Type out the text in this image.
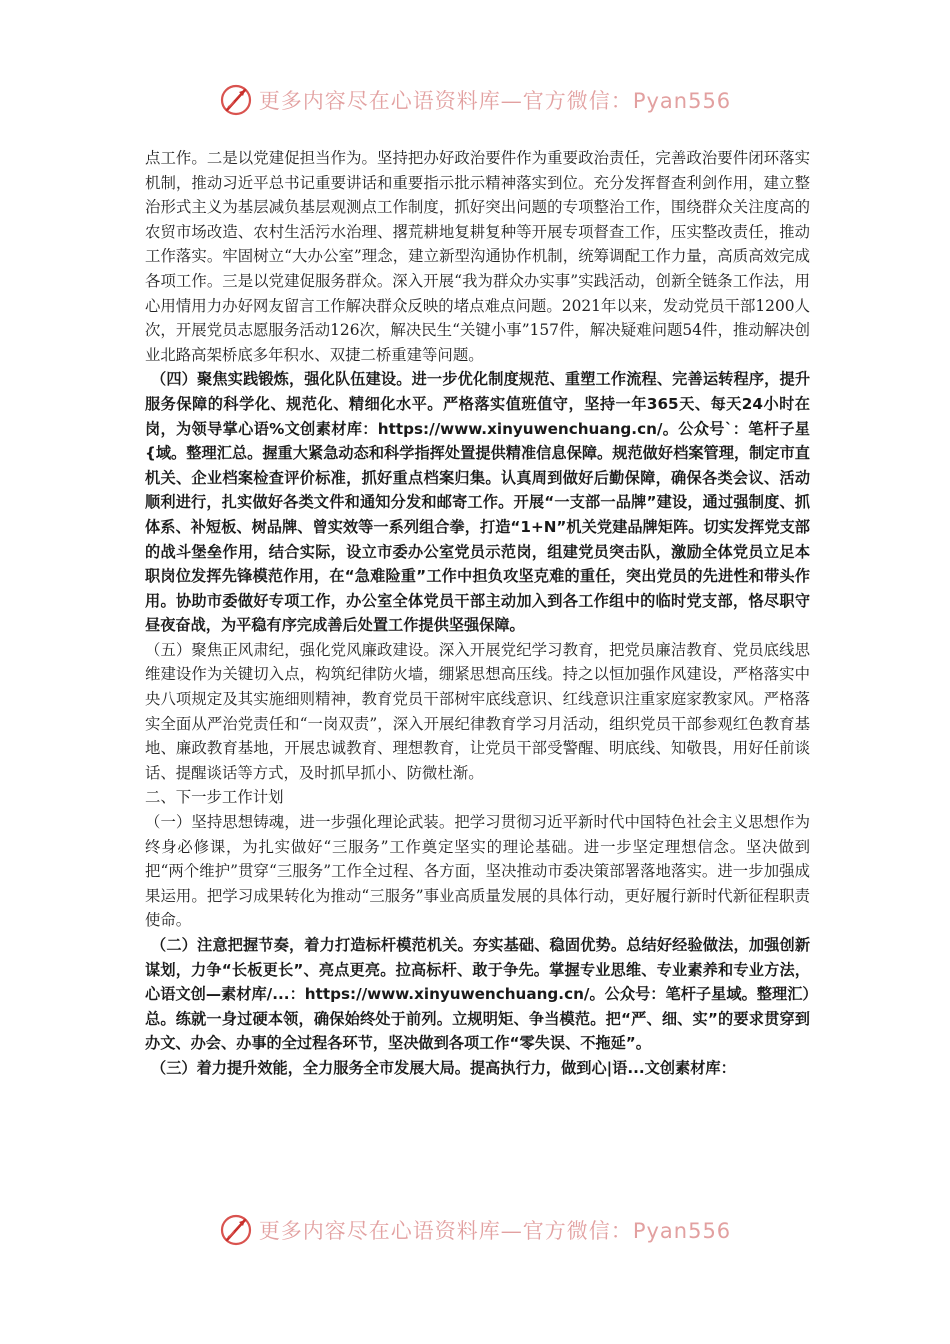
更多内容尽在心语资料库—官方微信：Pyan556

点工作。二是以党建促担当作为。坚持把办好政治要件作为重要政治责任，完善政治要件闭环落实机制，推动习近平总书记重要讲话和重要指示批示精神落实到位。充分发挥督查利剑作用，建立整治形式主义为基层减负基层观测点工作制度，抓好突出问题的专项整治工作，围绕群众关注度高的农贸市场改造、农村生活污水治理、撂荒耕地复耕复种等开展专项督查工作，压实整改责任，推动工作落实。牢固树立“大办公室”理念，建立新型沟通协作机制，统筹调配工作力量，高质高效完成各项工作。三是以党建促服务群众。深入开展“我为群众办实事”实践活动，创新全链条工作法，用心用情用力办好网友留言工作解决群众反映的堵点难点问题。2021年以来，发动党员干部1200人次，开展党员志愿服务活动126次，解决民生“关键小事”157件，解决疑难问题54件，推动解决创业北路高架桥底多年积水、双捷二桥重建等问题。

（四）聚焦实践锻炼，强化队伍建设。进一步优化制度规范、重塑工作流程、完善运转程序，提升服务保障的科学化、规范化、精细化水平。严格落实值班值守，坚持一年365天、每天24小时在岗，为领导掌心语%文创素材库：https://www.xinyuwenchuang.cn/。公众号`：笔杆子星{域。整理汇总。握重大紧急动态和科学指挥处置提供精准信息保障。规范做好档案管理，制定市直机关、企业档案检查评价标准，抓好重点档案归集。认真周到做好后勤保障，确保各类会议、活动顺利进行，扎实做好各类文件和通知分发和邮寄工作。开展“一支部一品牌”建设，通过强制度、抓体系、补短板、树品牌、曾实效等一系列组合拳，打造“1+N”机关党建品牌矩阵。切实发挥党支部的战斗堡垒作用，结合实际，设立市委办公室党员示范岗，组建党员突击队，激励全体党员立足本职岗位发挥先锋模范作用，在“急难险重”工作中担负攻坚克难的重任，突出党员的先进性和带头作用。协助市委做好专项工作，办公室全体党员干部主动加入到各工作组中的临时党支部，恪尽职守昼夜奋战，为平稳有序完成善后处置工作提供坚强保障。

（五）聚焦正风肃纪，强化党风廉政建设。深入开展党纪学习教育，把党员廉洁教育、党员底线思维建设作为关键切入点，构筑纪律防火墙，绷紧思想高压线。持之以恒加强作风建设，严格落实中央八项规定及其实施细则精神，教育党员干部树牢底线意识、红线意识注重家庭家教家风。严格落实全面从严治党责任和“一岗双责”，深入开展纪律教育学习月活动，组织党员干部参观红色教育基地、廉政教育基地，开展忠诚教育、理想教育，让党员干部受警醒、明底线、知敬畏，用好任前谈话、提醒谈话等方式，及时抓早抓小、防微杜渐。

二、下一步工作计划

（一）坚持思想铸魂，进一步强化理论武装。把学习贯彻习近平新时代中国特色社会主义思想作为终身必修课，为扎实做好“三服务”工作奠定坚实的理论基础。进一步坚定理想信念。坚决做到把“两个维护”贯穿“三服务”工作全过程、各方面，坚决推动市委决策部署落地落实。进一步加强成果运用。把学习成果转化为推动“三服务”事业高质量发展的具体行动，更好履行新时代新征程职责使命。

（二）注意把握节奏，着力打造标杆模范机关。夯实基础、稳固优势。总结好经验做法，加强创新谋划，力争“长板更长”、亮点更亮。拉高标杆、敢于争先。掌握专业思维、专业素养和专业方法，心语文创—素材库/...：https://www.xinyuwenchuang.cn/。公众号：笔杆子星域。整理汇）总。练就一身过硬本领，确保始终处于前列。立规明矩、争当模范。把“严、细、实”的要求贯穿到办文、办会、办事的全过程各环节，坚决做到各项工作“零失误、不拖延”。

（三）着力提升效能，全力服务全市发展大局。提高执行力，做到心|语...文创素材库：

更多内容尽在心语资料库—官方微信：Pyan556
